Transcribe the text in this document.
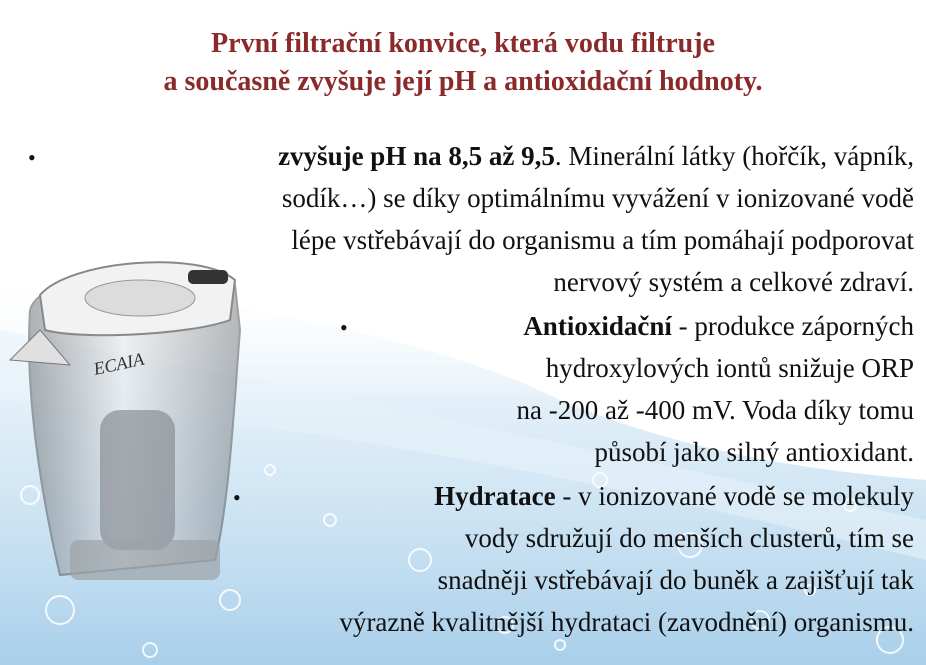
ECAIA
První filtrační konvice, která vodu filtruje
a současně zvyšuje její pH a antioxidační hodnoty.
•	zvyšuje pH na 8,5 až 9,5. Minerální látky (hořčík, vápník,
sodík…) se díky optimálnímu vyvážení v ionizované vodě
lépe vstřebávají do organismu a tím pomáhají podporovat
nervový systém a celkové zdraví.
•	Antioxidační - produkce záporných
hydroxylových iontů snižuje ORP
na -200 až -400 mV. Voda díky tomu
působí jako silný antioxidant.
•	Hydratace - v ionizované vodě se molekuly
vody sdružují do menších clusterů, tím se
snadněji vstřebávají do buněk a zajišťují tak
výrazně kvalitnější hydrataci (zavodnění) organismu.
